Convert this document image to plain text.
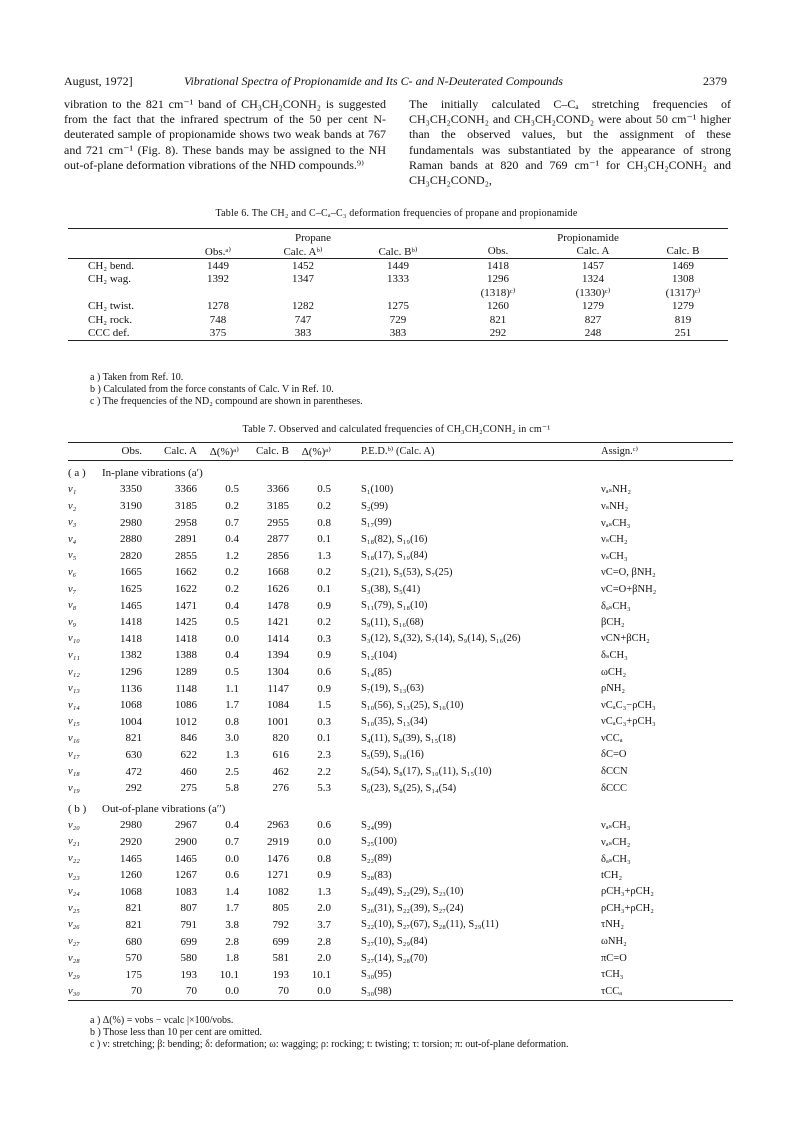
August, 1972]	Vibrational Spectra of Propionamide and Its C- and N-Deuterated Compounds	2379
vibration to the 821 cm⁻¹ band of CH₃CH₂CONH₂ is suggested from the fact that the infrared spectrum of the 50 per cent N-deuterated sample of propionamide shows two weak bands at 767 and 721 cm⁻¹ (Fig. 8). These bands may be assigned to the NH out-of-plane deformation vibrations of the NHD compounds.⁹⁾
The initially calculated C–Cₐ stretching frequencies of CH₃CH₂CONH₂ and CH₃CH₂COND₂ were about 50 cm⁻¹ higher than the observed values, but the assignment of these fundamentals was substantiated by the appearance of strong Raman bands at 820 and 769 cm⁻¹ for CH₃CH₂CONH₂ and CH₃CH₂COND₂,
Table 6. The CH₂ and C–Cₐ–C₃ deformation frequencies of propane and propionamide
	Propane			Propionamide		
	Obs.ᵃ⁾	Calc. Aᵇ⁾	Calc. Bᵇ⁾	Obs.	Calc. A	Calc. B
CH₂ bend.	1449	1452	1449	1418	1457	1469
CH₂ wag.	1392	1347	1333	1296	1324	1308
				(1318)ᶜ⁾	(1330)ᶜ⁾	(1317)ᶜ⁾
CH₂ twist.	1278	1282	1275	1260	1279	1279
CH₂ rock.	748	747	729	821	827	819
CCC def.	375	383	383	292	248	251
a ) Taken from Ref. 10.
b ) Calculated from the force constants of Calc. V in Ref. 10.
c ) The frequencies of the ND₂ compound are shown in parentheses.
Table 7. Observed and calculated frequencies of CH₃CH₂CONH₂ in cm⁻¹
	Obs.	Calc. A	Δ(%)ᵃ⁾	Calc. B	Δ(%)ᵃ⁾	P.E.D.ᵇ⁾ (Calc. A)	Assign.ᶜ⁾
( a )	In-plane vibrations (a′)						
ν₁	3350	3366	0.5	3366	0.5	S₁(100)	νₐₛNH₂
ν₂	3190	3185	0.2	3185	0.2	S₂(99)	νₛNH₂
ν₃	2980	2958	0.7	2955	0.8	S₁₇(99)	νₐₛCH₃
ν₄	2880	2891	0.4	2877	0.1	S₁₈(82), S₁₉(16)	νₛCH₂
ν₅	2820	2855	1.2	2856	1.3	S₁₈(17), S₁₉(84)	νₛCH₃
ν₆	1665	1662	0.2	1668	0.2	S₃(21), S₅(53), S₇(25)	νC=O, βNH₂
ν₇	1625	1622	0.2	1626	0.1	S₃(38), S₅(41)	νC=O+βNH₂
ν₈	1465	1471	0.4	1478	0.9	S₁₁(79), S₁₈(10)	δₐₛCH₃
ν₉	1418	1425	0.5	1421	0.2	S₉(11), S₁₆(68)	βCH₂
ν₁₀	1418	1418	0.0	1414	0.3	S₃(12), S₄(32), S₇(14), S₉(14), S₁₆(26)	νCN+βCH₂
ν₁₁	1382	1388	0.4	1394	0.9	S₁₂(104)	δₛCH₃
ν₁₂	1296	1289	0.5	1304	0.6	S₁₄(85)	ωCH₂
ν₁₃	1136	1148	1.1	1147	0.9	S₇(19), S₁₃(63)	ρNH₂
ν₁₄	1068	1086	1.7	1084	1.5	S₁₀(56), S₁₃(25), S₁₆(10)	νCₐC₃−ρCH₃
ν₁₅	1004	1012	0.8	1001	0.3	S₁₀(35), S₁₃(34)	νCₐC₃+ρCH₃
ν₁₆	821	846	3.0	820	0.1	S₄(11), S₈(39), S₁₅(18)	νCCₐ
ν₁₇	630	622	1.3	616	2.3	S₅(59), S₁₈(16)	δC=O
ν₁₈	472	460	2.5	462	2.2	S₆(54), S₈(17), S₁₀(11), S₁₅(10)	δCCN
ν₁₉	292	275	5.8	276	5.3	S₆(23), S₈(25), S₁₄(54)	δCCC
( b )	Out-of-plane vibrations (a′′)						
ν₂₀	2980	2967	0.4	2963	0.6	S₂₄(99)	νₐₛCH₃
ν₂₁	2920	2900	0.7	2919	0.0	S₂₅(100)	νₐₛCH₂
ν₂₂	1465	1465	0.0	1476	0.8	S₂₂(89)	δₐₛCH₃
ν₂₃	1260	1267	0.6	1271	0.9	S₂₈(83)	tCH₂
ν₂₄	1068	1083	1.4	1082	1.3	S₂₆(49), S₂₂(29), S₂₃(10)	ρCH₃+ρCH₂
ν₂₅	821	807	1.7	805	2.0	S₂₆(31), S₂₂(39), S₂₇(24)	ρCH₃+ρCH₂
ν₂₆	821	791	3.8	792	3.7	S₂₂(10), S₂₇(67), S₂₈(11), S₂₉(11)	τNH₂
ν₂₇	680	699	2.8	699	2.8	S₂₇(10), S₂₉(84)	ωNH₂
ν₂₈	570	580	1.8	581	2.0	S₂₇(14), S₂₈(70)	πC=O
ν₂₉	175	193	10.1	193	10.1	S₃₀(95)	τCH₃
ν₃₀	70	70	0.0	70	0.0	S₃₀(98)	τCCₐ
a ) Δ(%) = νobs − νcalc |×100/νobs.
b ) Those less than 10 per cent are omitted.
c ) ν: stretching; β: bending; δ: deformation; ω: wagging; ρ: rocking; t: twisting; τ: torsion; π: out-of-plane deformation.
